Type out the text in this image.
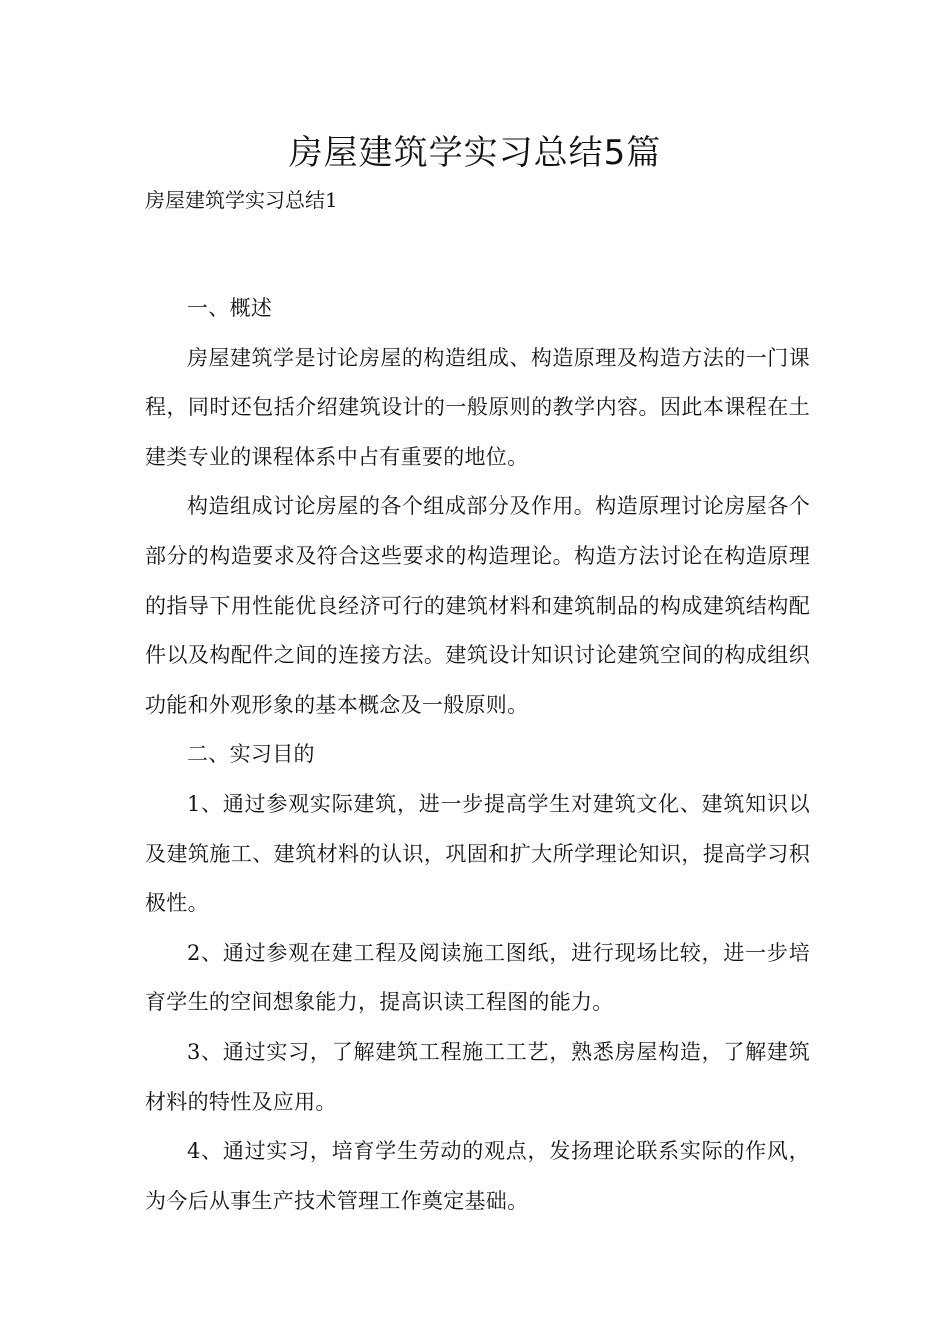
房屋建筑学实习总结5篇

房屋建筑学实习总结1

一、概述

房屋建筑学是讨论房屋的构造组成、构造原理及构造方法的一门课程，同时还包括介绍建筑设计的一般原则的教学内容。因此本课程在土建类专业的课程体系中占有重要的地位。

构造组成讨论房屋的各个组成部分及作用。构造原理讨论房屋各个部分的构造要求及符合这些要求的构造理论。构造方法讨论在构造原理的指导下用性能优良经济可行的建筑材料和建筑制品的构成建筑结构配件以及构配件之间的连接方法。建筑设计知识讨论建筑空间的构成组织功能和外观形象的基本概念及一般原则。

二、实习目的

1、通过参观实际建筑，进一步提高学生对建筑文化、建筑知识以及建筑施工、建筑材料的认识，巩固和扩大所学理论知识，提高学习积极性。

2、通过参观在建工程及阅读施工图纸，进行现场比较，进一步培育学生的空间想象能力，提高识读工程图的能力。

3、通过实习，了解建筑工程施工工艺，熟悉房屋构造，了解建筑材料的特性及应用。

4、通过实习，培育学生劳动的观点，发扬理论联系实际的作风，为今后从事生产技术管理工作奠定基础。
